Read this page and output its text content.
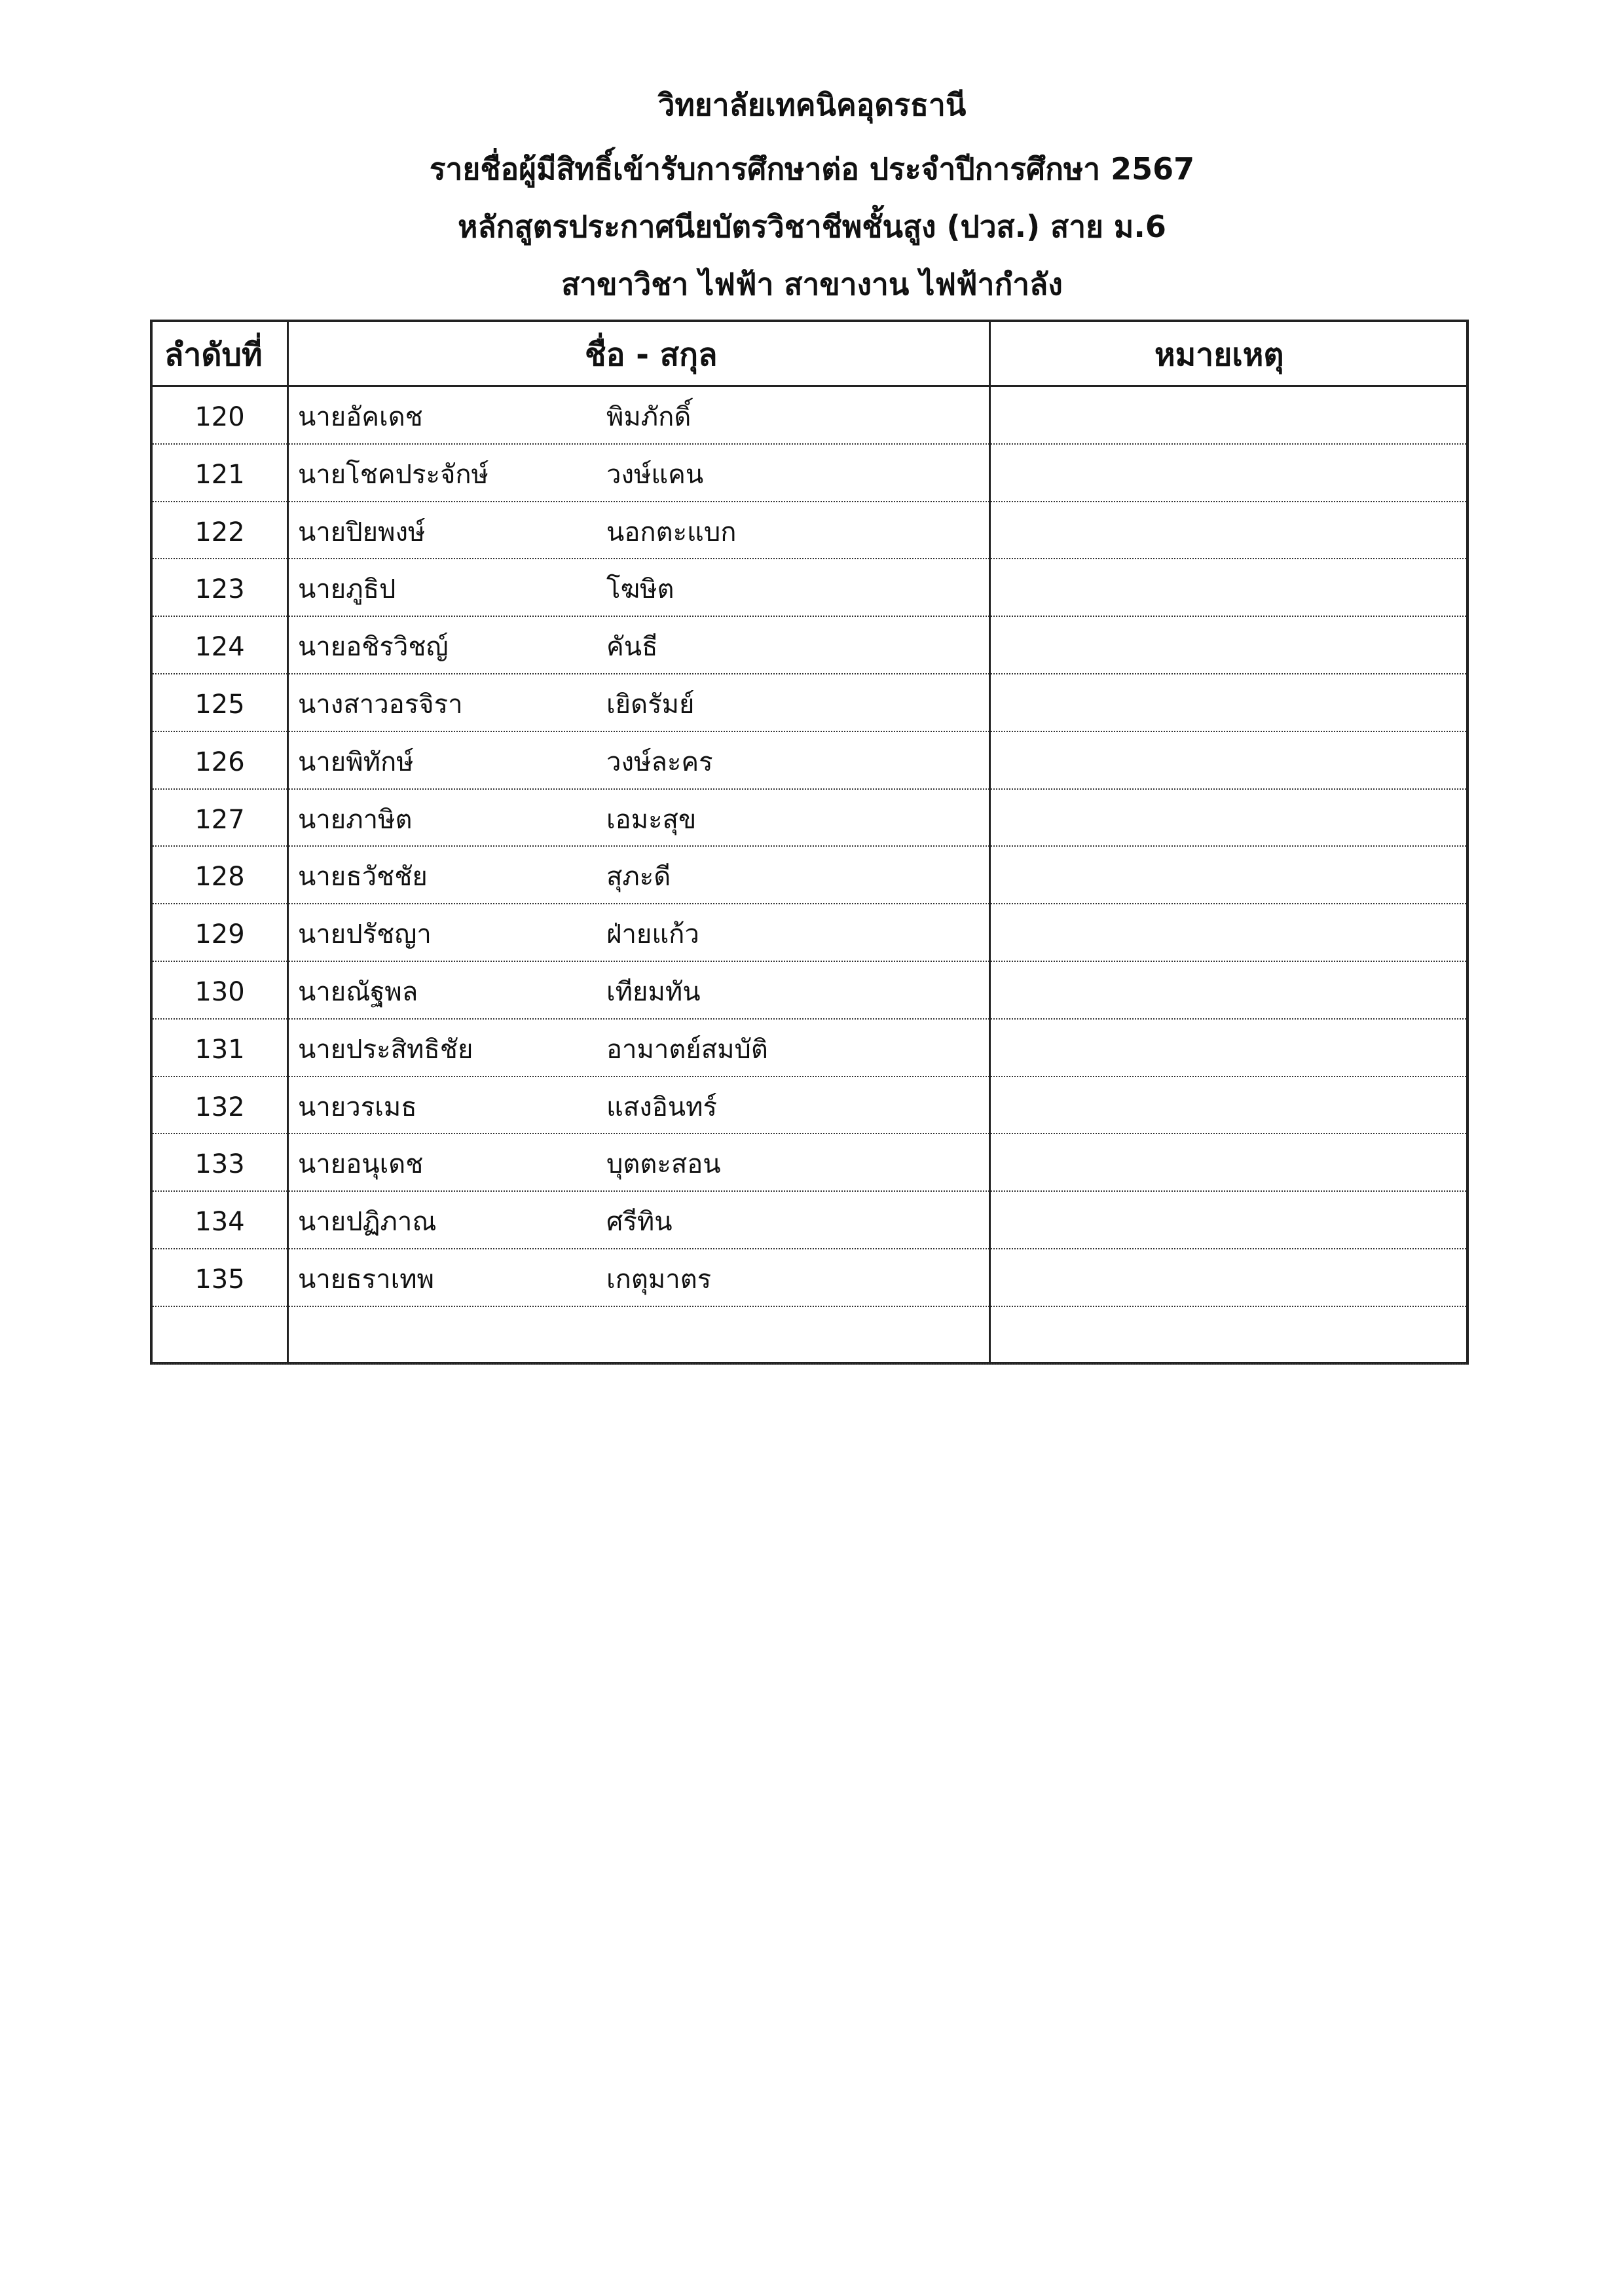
วิทยาลัยเทคนิคอุดรธานี
รายชื่อผู้มีสิทธิ์เข้ารับการศึกษาต่อ ประจำปีการศึกษา 2567
หลักสูตรประกาศนียบัตรวิชาชีพชั้นสูง (ปวส.) สาย ม.6
สาขาวิชา ไฟฟ้า สาขางาน ไฟฟ้ากำลัง
ลำดับที่	ชื่อ - สกุล	หมายเหตุ
120	นายอัคเดช	พิมภักดิ์
121	นายโชคประจักษ์	วงษ์แคน
122	นายปิยพงษ์	นอกตะแบก
123	นายภูธิป	โฆษิต
124	นายอชิรวิชญ์	คันธี
125	นางสาวอรจิรา	เยิดรัมย์
126	นายพิทักษ์	วงษ์ละคร
127	นายภาษิต	เอมะสุข
128	นายธวัชชัย	สุภะดี
129	นายปรัชญา	ฝ่ายแก้ว
130	นายณัฐพล	เทียมทัน
131	นายประสิทธิชัย	อามาตย์สมบัติ
132	นายวรเมธ	แสงอินทร์
133	นายอนุเดช	บุตตะสอน
134	นายปฏิภาณ	ศรีทิน
135	นายธราเทพ	เกตุมาตร
